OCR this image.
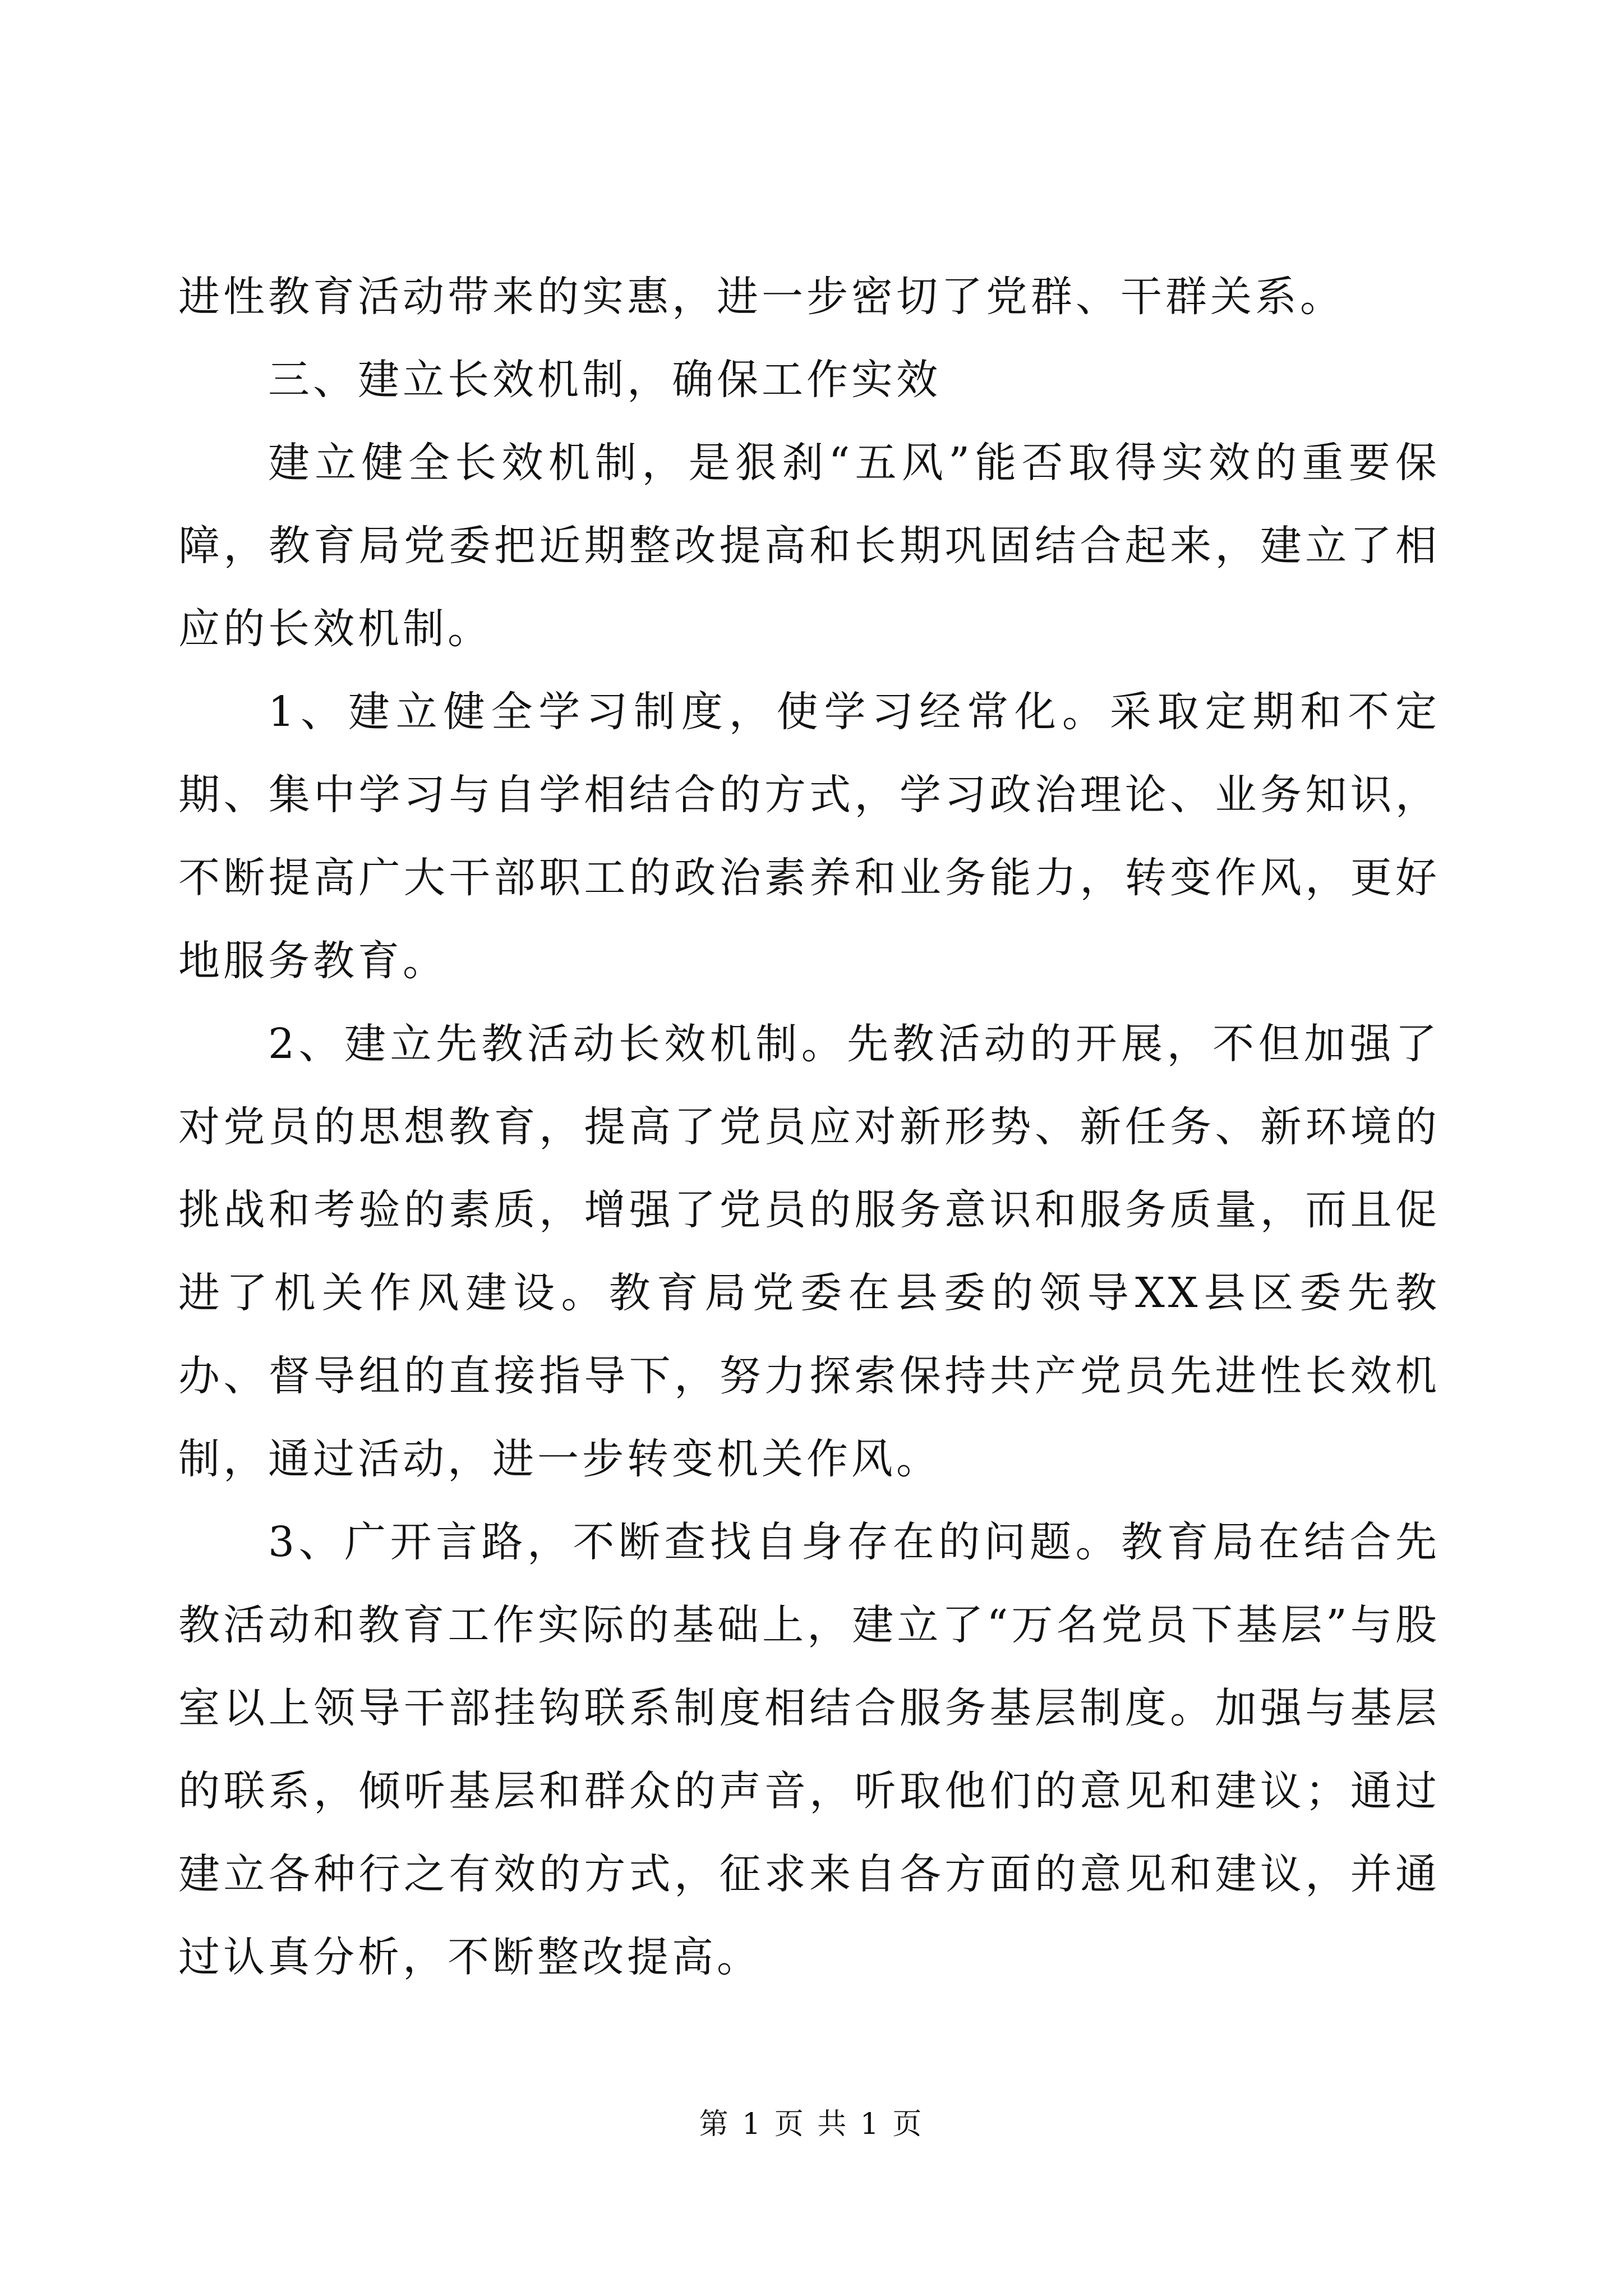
进性教育活动带来的实惠，进一步密切了党群、干群关系。

三、建立长效机制，确保工作实效

建立健全长效机制，是狠刹“五风”能否取得实效的重要保障，教育局党委把近期整改提高和长期巩固结合起来，建立了相应的长效机制。

1、建立健全学习制度，使学习经常化。采取定期和不定期、集中学习与自学相结合的方式，学习政治理论、业务知识，不断提高广大干部职工的政治素养和业务能力，转变作风，更好地服务教育。

2、建立先教活动长效机制。先教活动的开展，不但加强了对党员的思想教育，提高了党员应对新形势、新任务、新环境的挑战和考验的素质，增强了党员的服务意识和服务质量，而且促进了机关作风建设。教育局党委在县委的领导XX县区委先教办、督导组的直接指导下，努力探索保持共产党员先进性长效机制，通过活动，进一步转变机关作风。

3、广开言路，不断查找自身存在的问题。教育局在结合先教活动和教育工作实际的基础上，建立了“万名党员下基层”与股室以上领导干部挂钩联系制度相结合服务基层制度。加强与基层的联系，倾听基层和群众的声音，听取他们的意见和建议；通过建立各种行之有效的方式，征求来自各方面的意见和建议，并通过认真分析，不断整改提高。

第 1 页 共 1 页
